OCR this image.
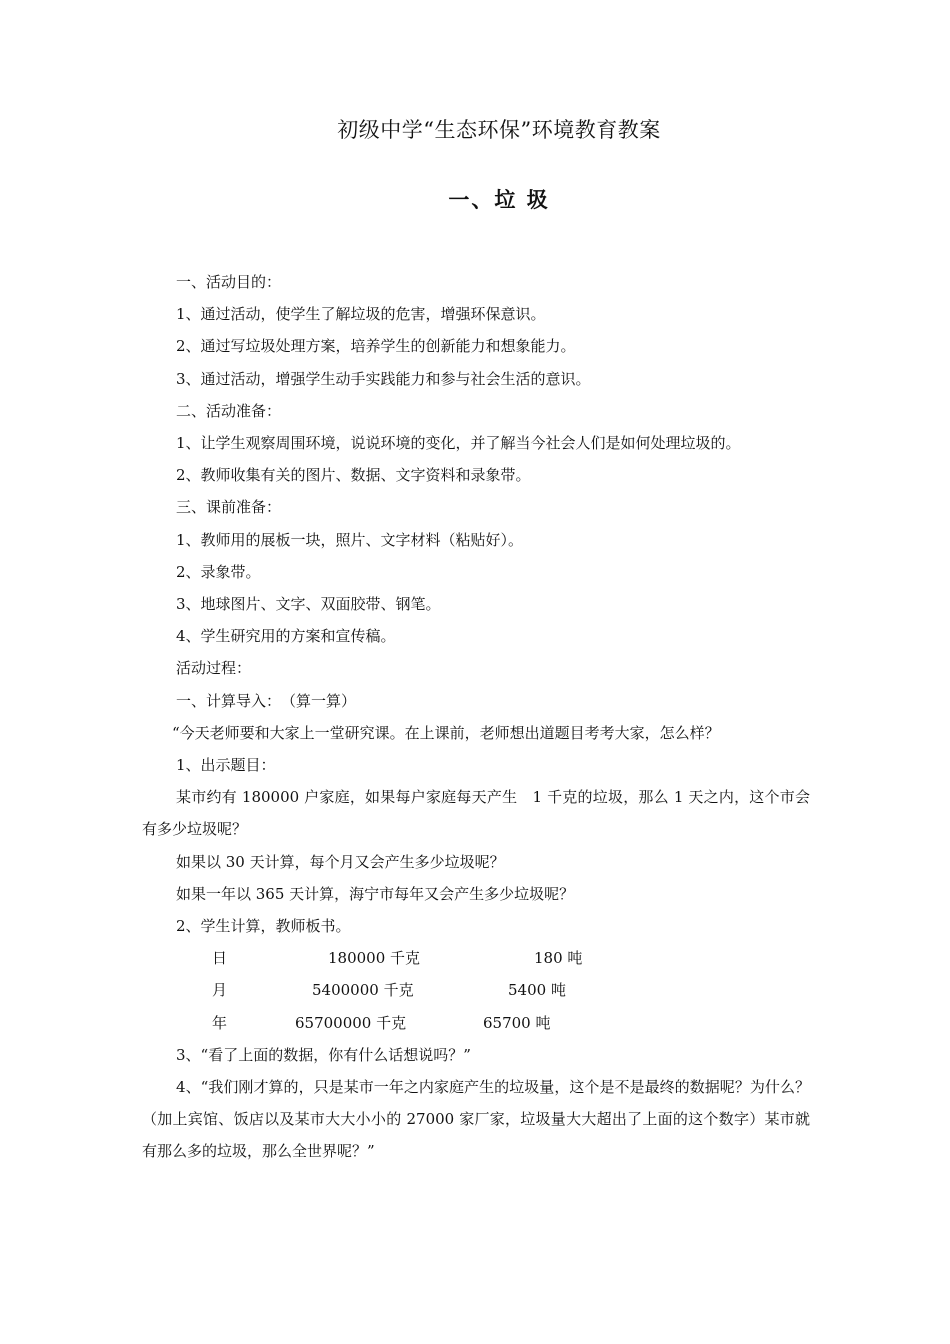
初级中学“生态环保”环境教育教案
一、垃 圾

一、活动目的：

1、通过活动，使学生了解垃圾的危害，增强环保意识。

2、通过写垃圾处理方案，培养学生的创新能力和想象能力。

3、通过活动，增强学生动手实践能力和参与社会生活的意识。

二、活动准备：

1、让学生观察周围环境，说说环境的变化，并了解当今社会人们是如何处理垃圾的。

2、教师收集有关的图片、数据、文字资料和录象带。

三、课前准备：

1、教师用的展板一块，照片、文字材料（粘贴好）。

2、录象带。

3、地球图片、文字、双面胶带、钢笔。

4、学生研究用的方案和宣传稿。

活动过程：

一、计算导入：　（算一算）

“今天老师要和大家上一堂研究课。在上课前，老师想出道题目考考大家，怎么样？

1、出示题目：

某市约有 180000 户家庭，如果每户家庭每天产生　1 千克的垃圾，那么 1 天之内，这个市会有多少垃圾呢？

如果以 30 天计算，每个月又会产生多少垃圾呢？

如果一年以 365 天计算，海宁市每年又会产生多少垃圾呢？

2、学生计算，教师板书。

日	180000 千克	180 吨
月	5400000 千克	5400 吨
年	65700000 千克	65700 吨

3、“看了上面的数据，你有什么话想说吗？”

4、“我们刚才算的，只是某市一年之内家庭产生的垃圾量，这个是不是最终的数据呢？为什么？（加上宾馆、饭店以及某市大大小小的 27000 家厂家，垃圾量大大超出了上面的这个数字）某市就有那么多的垃圾，那么全世界呢？”
